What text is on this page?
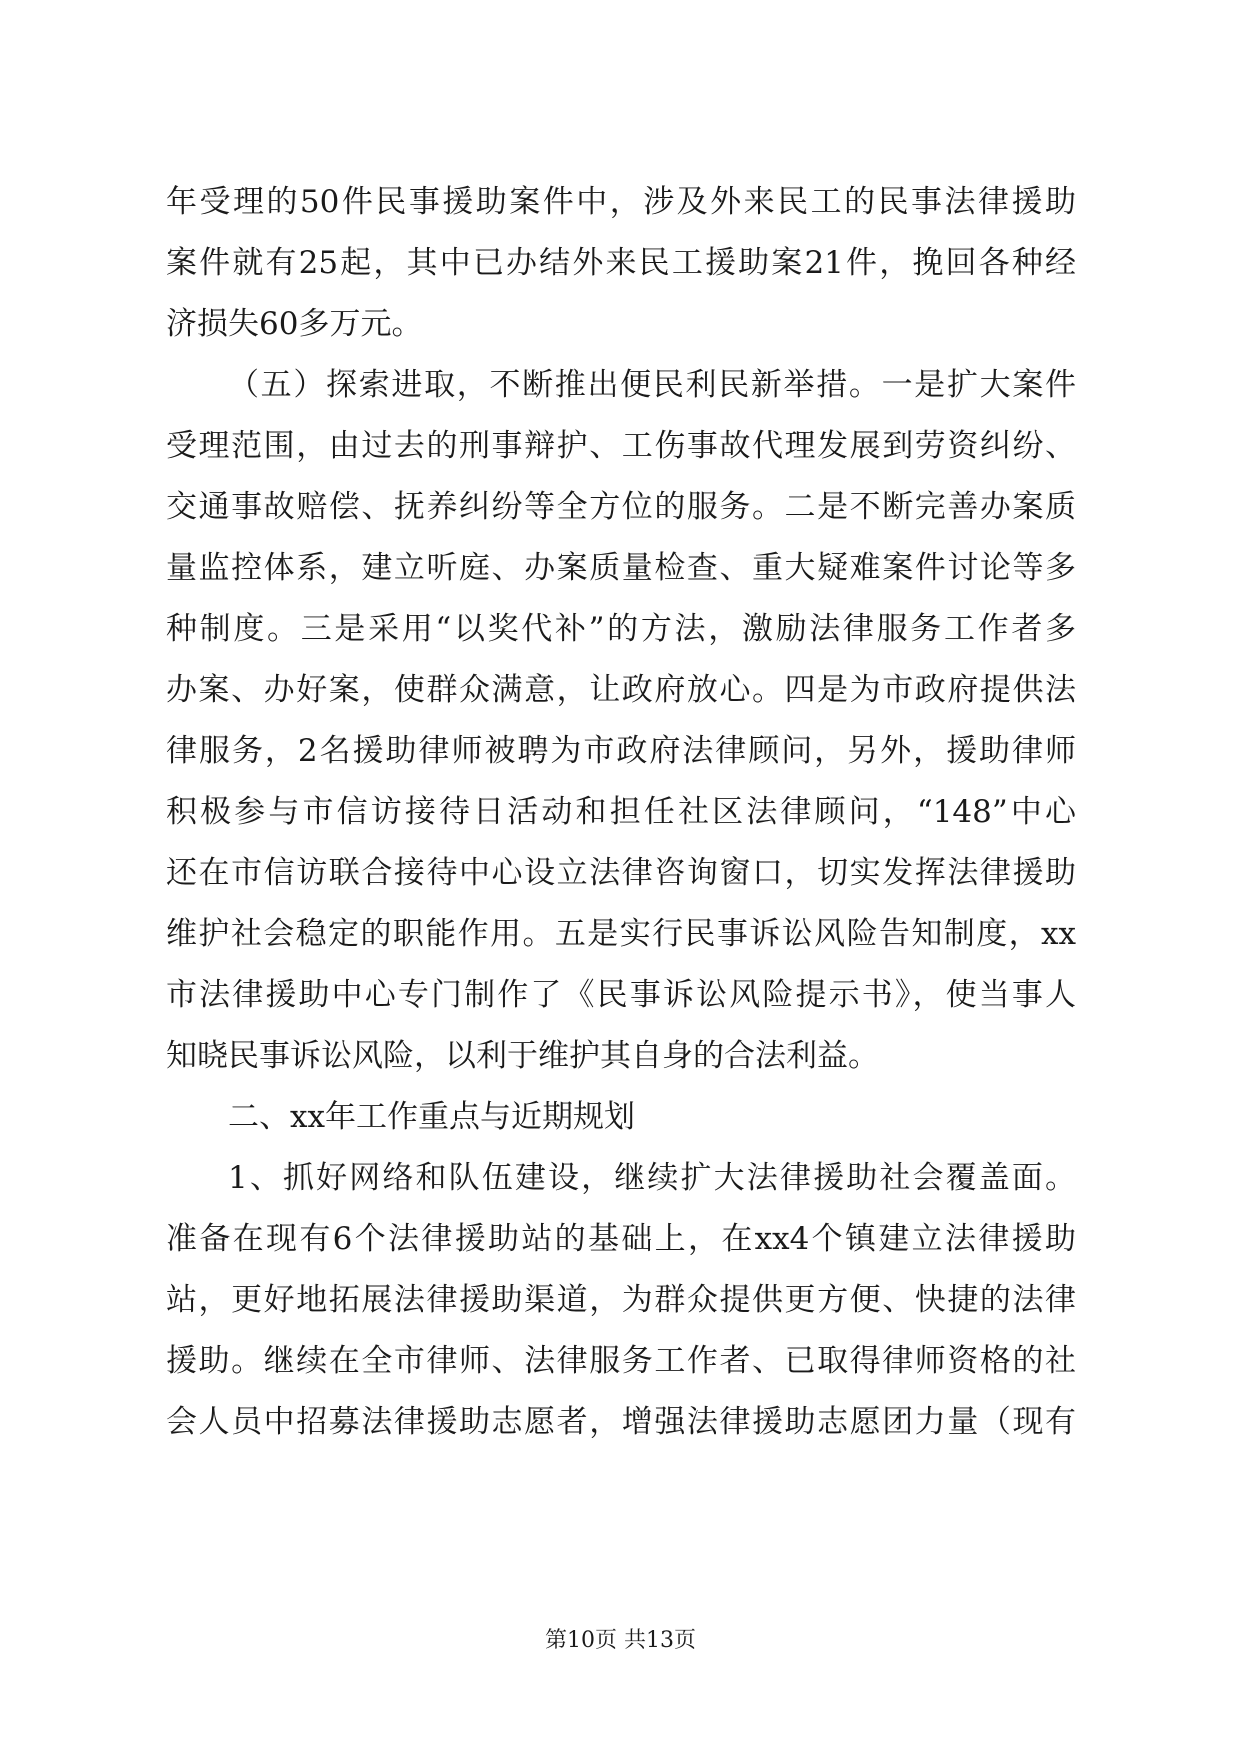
年受理的50件民事援助案件中，涉及外来民工的民事法律援助
案件就有25起，其中已办结外来民工援助案21件，挽回各种经
济损失60多万元。
（五）探索进取，不断推出便民利民新举措。一是扩大案件
受理范围，由过去的刑事辩护、工伤事故代理发展到劳资纠纷、
交通事故赔偿、抚养纠纷等全方位的服务。二是不断完善办案质
量监控体系，建立听庭、办案质量检查、重大疑难案件讨论等多
种制度。三是采用“以奖代补”的方法，激励法律服务工作者多
办案、办好案，使群众满意，让政府放心。四是为市政府提供法
律服务，2名援助律师被聘为市政府法律顾问，另外，援助律师
积极参与市信访接待日活动和担任社区法律顾问，“148”中心
还在市信访联合接待中心设立法律咨询窗口，切实发挥法律援助
维护社会稳定的职能作用。五是实行民事诉讼风险告知制度，xx
市法律援助中心专门制作了《民事诉讼风险提示书》，使当事人
知晓民事诉讼风险，以利于维护其自身的合法利益。
二、xx年工作重点与近期规划
1、抓好网络和队伍建设，继续扩大法律援助社会覆盖面。
准备在现有6个法律援助站的基础上，在xx4个镇建立法律援助
站，更好地拓展法律援助渠道，为群众提供更方便、快捷的法律
援助。继续在全市律师、法律服务工作者、已取得律师资格的社
会人员中招募法律援助志愿者，增强法律援助志愿团力量（现有
第10页 共13页
